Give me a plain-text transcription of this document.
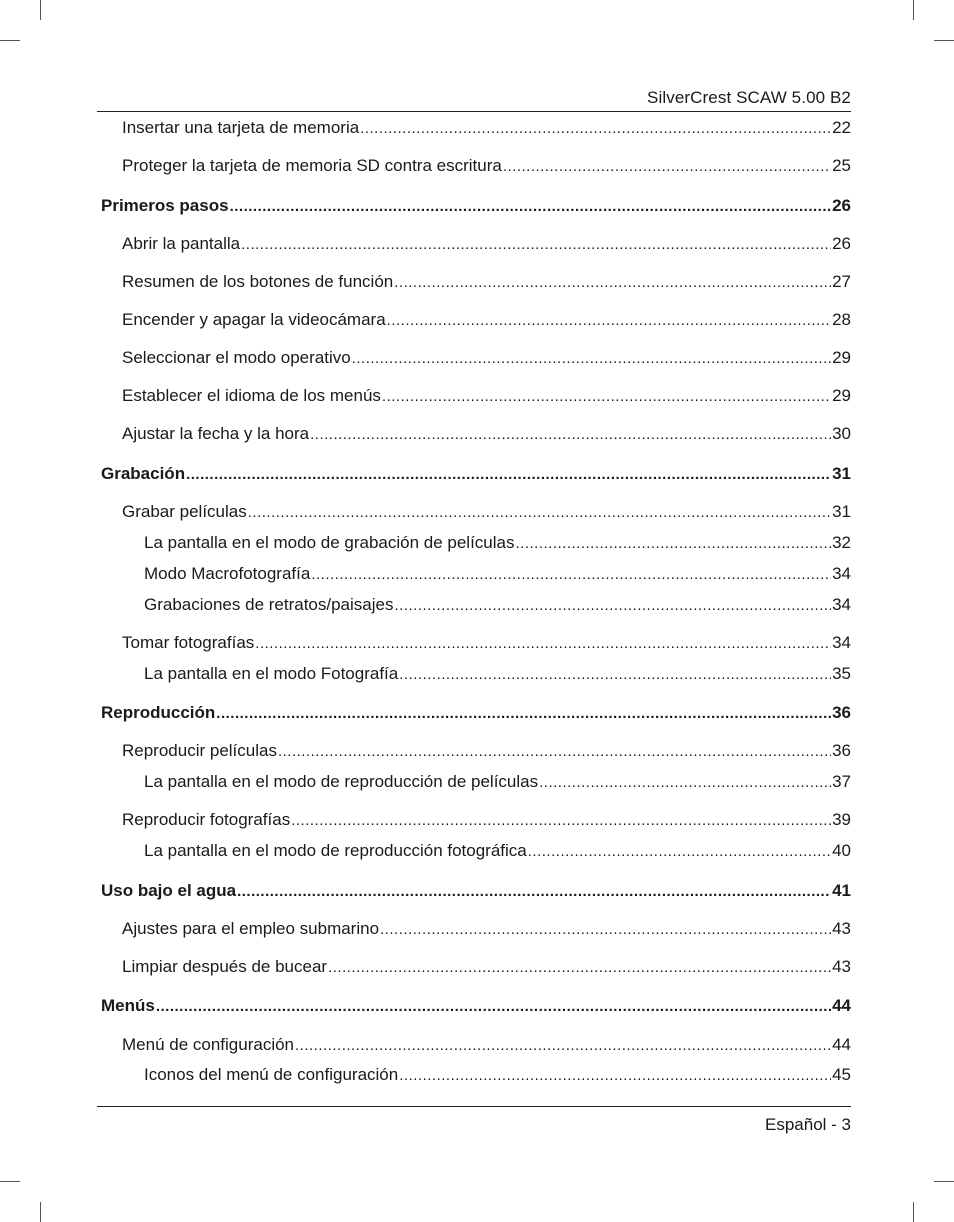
SilverCrest SCAW 5.00 B2
Insertar una tarjeta de memoria .....	22
Proteger la tarjeta de memoria SD contra escritura .....	25
Primeros pasos .....	26
Abrir la pantalla .....	26
Resumen de los botones de función .....	27
Encender y apagar la videocámara .....	28
Seleccionar el modo operativo .....	29
Establecer el idioma de los menús .....	29
Ajustar la fecha y la hora .....	30
Grabación .....	31
Grabar películas .....	31
La pantalla en el modo de grabación de películas .....	32
Modo Macrofotografía .....	34
Grabaciones de retratos/paisajes .....	34
Tomar fotografías .....	34
La pantalla en el modo Fotografía .....	35
Reproducción .....	36
Reproducir películas .....	36
La pantalla en el modo de reproducción de películas .....	37
Reproducir fotografías .....	39
La pantalla en el modo de reproducción fotográfica .....	40
Uso bajo el agua .....	41
Ajustes para el empleo submarino .....	43
Limpiar después de bucear .....	43
Menús .....	44
Menú de configuración .....	44
Iconos del menú de configuración .....	45
Español - 3
